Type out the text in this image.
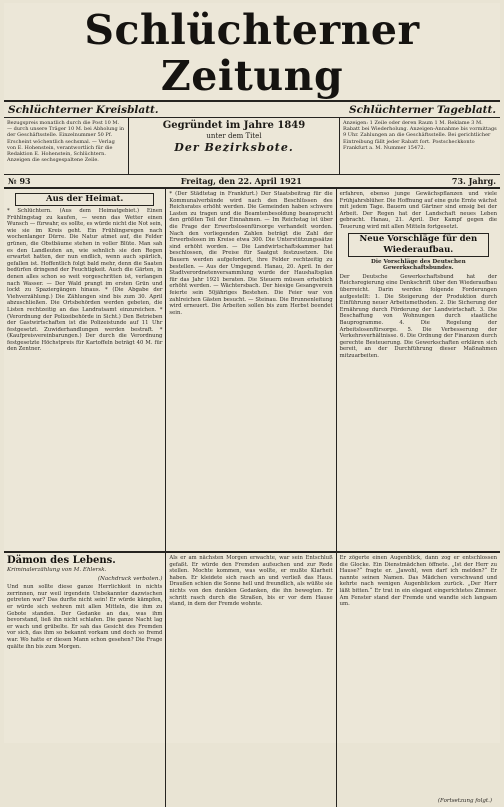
Schlüchterner Zeitung
Schlüchterner Kreisblatt.	Schlüchterner Tageblatt.
Bezugspreis monatlich durch die Post 10 M. — durch unsere Träger 10 M. bei Abholung in der Geschäftsstelle. Einzelnummer 50 Pf. Erscheint wöchentlich sechsmal. — Verlag von E. Hohenstein, verantwortlich für die Redaktion E. Hohenstein, Schlüchtern. Anzeigen die sechsgespaltene Zeile.
Gegründet im Jahre 1849
unter dem Titel
Der Bezirksbote.
Anzeigen: 1 Zeile oder deren Raum 1 M. Reklame 3 M. Rabatt bei Wiederholung. Anzeigen-Annahme bis vormittags 9 Uhr. Zahlungen an die Geschäftsstelle. Bei gerichtlicher Eintreibung fällt jeder Rabatt fort. Postscheckkonto Frankfurt a. M. Nummer 15472.
№ 93	Freitag, den 22. April 1921	73. Jahrg.
Aus der Heimat.
* Schlüchtern. (Aus dem Heimatgebiet.) Einen Frühlingstag zu kaufen, — wenn das Wetter einen Wunsch — fürwahr, es sollte, es würde nicht die Not sein, wie sie im Kreis geht. Ein Frühlingsregen nach wochenlanger Dürre. Die Natur atmet auf, die Felder grünen, die Obstbäume stehen in voller Blüte. Man sah es den Landleuten an, wie sehnlich sie den Regen erwartet hatten, der nun endlich, wenn auch spärlich, gefallen ist. Hoffentlich folgt bald mehr, denn die Saaten bedürfen dringend der Feuchtigkeit. Auch die Gärten, in denen alles schon so weit vorgeschritten ist, verlangen nach Wasser. — Der Wald prangt im ersten Grün und lockt zu Spaziergängen hinaus. * (Die Abgabe der Viehverzählung.) Die Zählungen sind bis zum 30. April abzuschließen. Die Ortsbehörden werden gebeten, die Listen rechtzeitig an das Landratsamt einzureichen. * (Verordnung der Polizeibehörde in Sicht.) Den Betrieben der Gastwirtschaften ist die Polizeistunde auf 11 Uhr festgesetzt. Zuwiderhandlungen werden bestraft. * (Kaufpreisvereinbarungen.) Der durch die Verordnung festgesetzte Höchstpreis für Kartoffeln beträgt 40 M. für den Zentner.
* (Der Städtetag in Frankfurt.) Der Staatsbeitrag für die Kommunalverbände wird nach den Beschlüssen des Reichsrates erhöht werden. Die Gemeinden haben schwere Lasten zu tragen und die Beamtenbesoldung beansprucht den größten Teil der Einnahmen. — Im Reichstag ist über die Frage der Erwerbslosenfürsorge verhandelt worden. Nach den vorliegenden Zahlen beträgt die Zahl der Erwerbslosen im Kreise etwa 300. Die Unterstützungssätze sind erhöht worden. — Die Landwirtschaftskammer hat beschlossen, die Preise für Saatgut festzusetzen. Die Bauern werden aufgefordert, ihre Felder rechtzeitig zu bestellen. — Aus der Umgegend. Hanau, 20. April. In der Stadtverordnetenversammlung wurde der Haushaltsplan für das Jahr 1921 beraten. Die Steuern müssen erheblich erhöht werden. — Wächtersbach. Der hiesige Gesangverein feierte sein 50jähriges Bestehen. Die Feier war von zahlreichen Gästen besucht. — Steinau. Die Brunnenleitung wird erneuert. Die Arbeiten sollen bis zum Herbst beendet sein.
erfahren, ebenso junge Gewächspflanzen und viele Frühjahrsblüher. Die Hoffnung auf eine gute Ernte wächst mit jedem Tage. Bauern und Gärtner sind emsig bei der Arbeit. Der Regen hat der Landschaft neues Leben gebracht. Hanau, 21. April. Der Kampf gegen die Teuerung wird mit allen Mitteln fortgesetzt.
Neue Vorschläge für den Wiederaufbau.
Die Vorschläge des Deutschen Gewerkschaftsbundes.
Der Deutsche Gewerkschaftsbund hat der Reichsregierung eine Denkschrift über den Wiederaufbau überreicht. Darin werden folgende Forderungen aufgestellt: 1. Die Steigerung der Produktion durch Einführung neuer Arbeitsmethoden. 2. Die Sicherung der Ernährung durch Förderung der Landwirtschaft. 3. Die Beschaffung von Wohnungen durch staatliche Bauprogramme. 4. Die Regelung der Arbeitslosenfürsorge. 5. Die Verbesserung der Verkehrsverhältnisse. 6. Die Ordnung der Finanzen durch gerechte Besteuerung. Die Gewerkschaften erklären sich bereit, an der Durchführung dieser Maßnahmen mitzuarbeiten.
Dämon des Lebens.
Kriminalerzählung von M. Ehlersk.
(Nachdruck verboten.)
Und nun sollte diese ganze Herrlichkeit in nichts zerrinnen, nur weil irgendein Unbekannter dazwischen getreten war? Das durfte nicht sein! Er würde kämpfen, er würde sich wehren mit allen Mitteln, die ihm zu Gebote standen. Der Gedanke an das, was ihm bevorstand, ließ ihn nicht schlafen. Die ganze Nacht lag er wach und grübelte. Er sah das Gesicht des Fremden vor sich, das ihm so bekannt vorkam und doch so fremd war. Wo hatte er diesen Mann schon gesehen? Die Frage quälte ihn bis zum Morgen.
Als er am nächsten Morgen erwachte, war sein Entschluß gefaßt. Er würde den Fremden aufsuchen und zur Rede stellen. Mochte kommen, was wollte, er mußte Klarheit haben. Er kleidete sich rasch an und verließ das Haus. Draußen schien die Sonne hell und freundlich, als wüßte sie nichts von den dunklen Gedanken, die ihn bewegten. Er schritt rasch durch die Straßen, bis er vor dem Hause stand, in dem der Fremde wohnte.
Er zögerte einen Augenblick, dann zog er entschlossen die Glocke. Ein Dienstmädchen öffnete. „Ist der Herr zu Hause?“ fragte er. „Jawohl, wen darf ich melden?“ Er nannte seinen Namen. Das Mädchen verschwand und kehrte nach wenigen Augenblicken zurück. „Der Herr läßt bitten.“ Er trat in ein elegant eingerichtetes Zimmer. Am Fenster stand der Fremde und wandte sich langsam um.
(Fortsetzung folgt.)
